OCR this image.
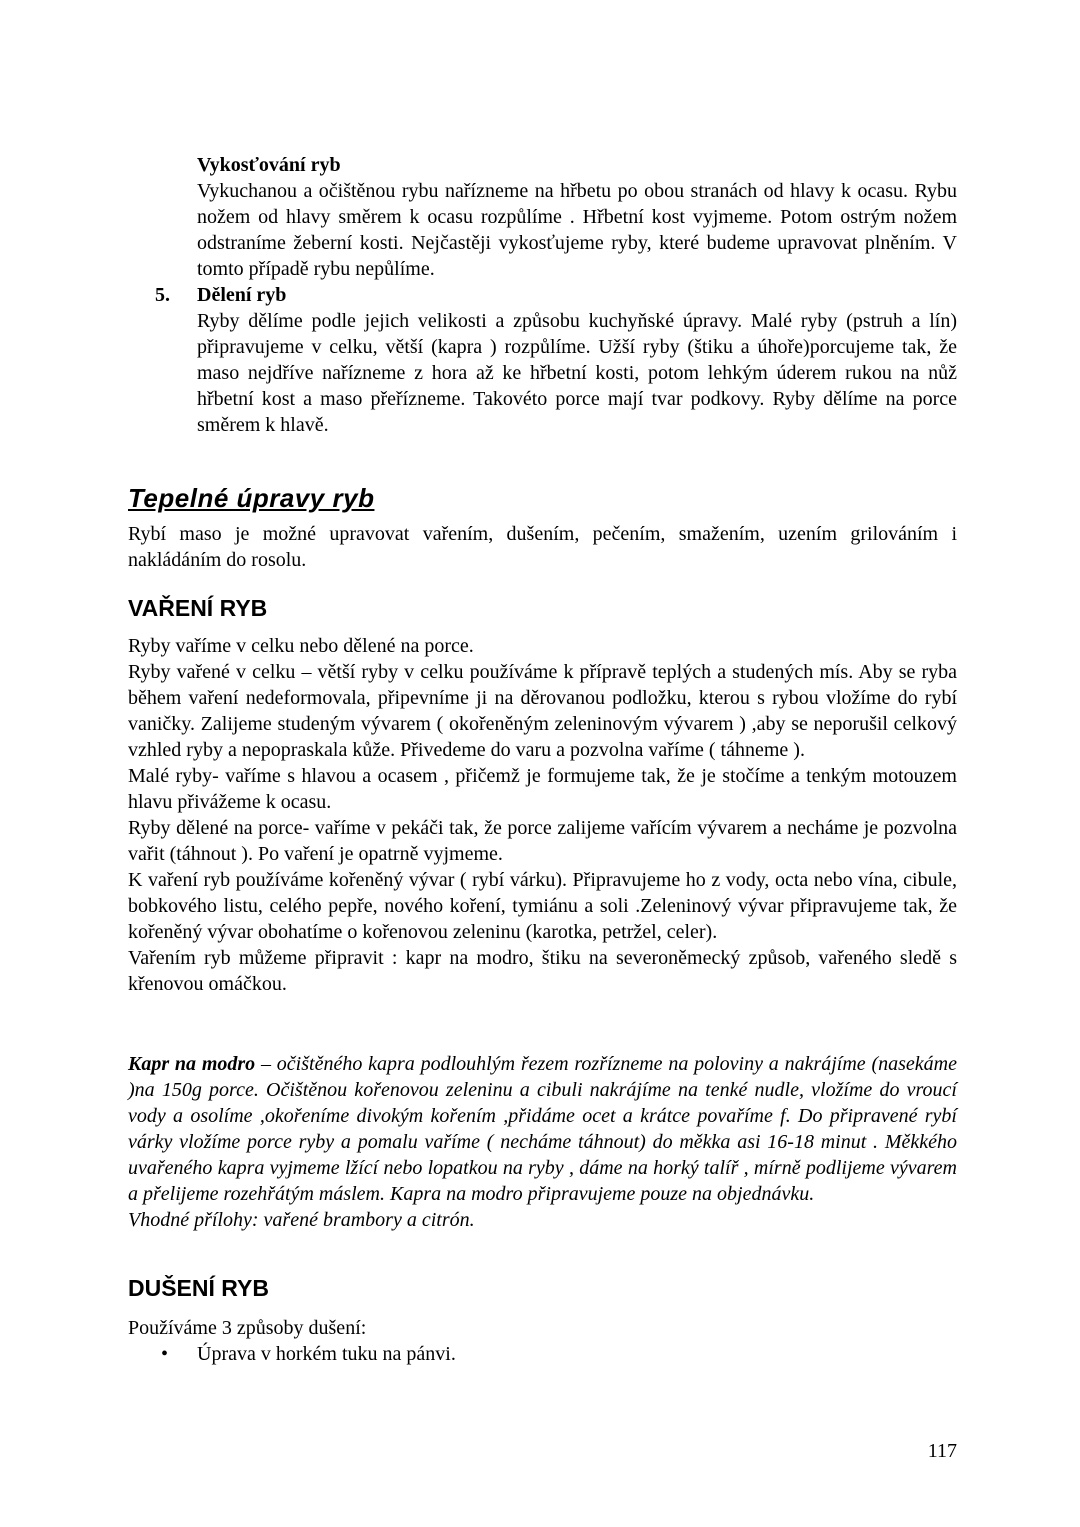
Vykosťování ryb

Vykuchanou a očištěnou rybu nařízneme na hřbetu po obou stranách od hlavy k ocasu. Rybu nožem od hlavy směrem k ocasu rozpůlíme . Hřbetní kost vyjmeme. Potom ostrým nožem odstraníme žeberní kosti. Nejčastěji vykosťujeme ryby, které budeme upravovat plněním. V tomto případě rybu nepůlíme.

5.	Dělení ryb

Ryby dělíme podle jejich velikosti a způsobu kuchyňské úpravy. Malé ryby (pstruh a lín) připravujeme v celku, větší (kapra ) rozpůlíme. Užší ryby (štiku a úhoře)porcujeme tak, že maso nejdříve nařízneme z hora až ke hřbetní kosti, potom lehkým úderem rukou na nůž hřbetní kost a maso přeřízneme. Takovéto porce mají tvar podkovy. Ryby dělíme na porce směrem k hlavě.

Tepelné úpravy ryb

Rybí maso je možné upravovat vařením, dušením, pečením, smažením, uzením grilováním i nakládáním do rosolu.

VAŘENÍ RYB

Ryby vaříme v celku nebo dělené na porce.

Ryby vařené v celku – větší ryby v celku používáme k přípravě teplých a studených mís. Aby se ryba během vaření nedeformovala, připevníme ji na děrovanou podložku, kterou s rybou vložíme do rybí vaničky. Zalijeme studeným vývarem ( okořeněným zeleninovým vývarem ) ,aby se neporušil celkový vzhled ryby a nepopraskala kůže. Přivedeme do varu a pozvolna vaříme ( táhneme ).

Malé ryby- vaříme s hlavou a ocasem , přičemž je formujeme tak, že je stočíme a tenkým motouzem hlavu přivážeme k ocasu.

Ryby dělené na porce- vaříme v pekáči tak, že porce zalijeme vařícím vývarem a necháme je pozvolna vařit (táhnout ). Po vaření je opatrně vyjmeme.

K vaření ryb používáme kořeněný vývar ( rybí várku). Připravujeme ho z vody, octa nebo vína, cibule, bobkového listu, celého pepře, nového koření, tymiánu a soli .Zeleninový vývar připravujeme tak, že kořeněný vývar obohatíme o kořenovou zeleninu (karotka, petržel, celer).

Vařením ryb můžeme připravit : kapr na modro, štiku na severoněmecký způsob, vařeného sledě s křenovou omáčkou.

Kapr na modro – očištěného kapra podlouhlým řezem rozřízneme na poloviny a nakrájíme (nasekáme )na 150g porce. Očištěnou kořenovou zeleninu a cibuli nakrájíme na tenké nudle, vložíme do vroucí vody a osolíme ,okořeníme divokým kořením ,přidáme ocet a krátce povaříme f. Do připravené rybí várky vložíme porce ryby a pomalu vaříme ( necháme táhnout) do měkka asi 16-18 minut . Měkkého uvařeného kapra vyjmeme lžící nebo lopatkou na ryby , dáme na horký talíř , mírně podlijeme vývarem a přelijeme rozehřátým máslem. Kapra na modro připravujeme pouze na objednávku.

Vhodné přílohy: vařené brambory a citrón.

DUŠENÍ RYB

Používáme 3 způsoby dušení:

•	Úprava v horkém tuku na pánvi.
117
